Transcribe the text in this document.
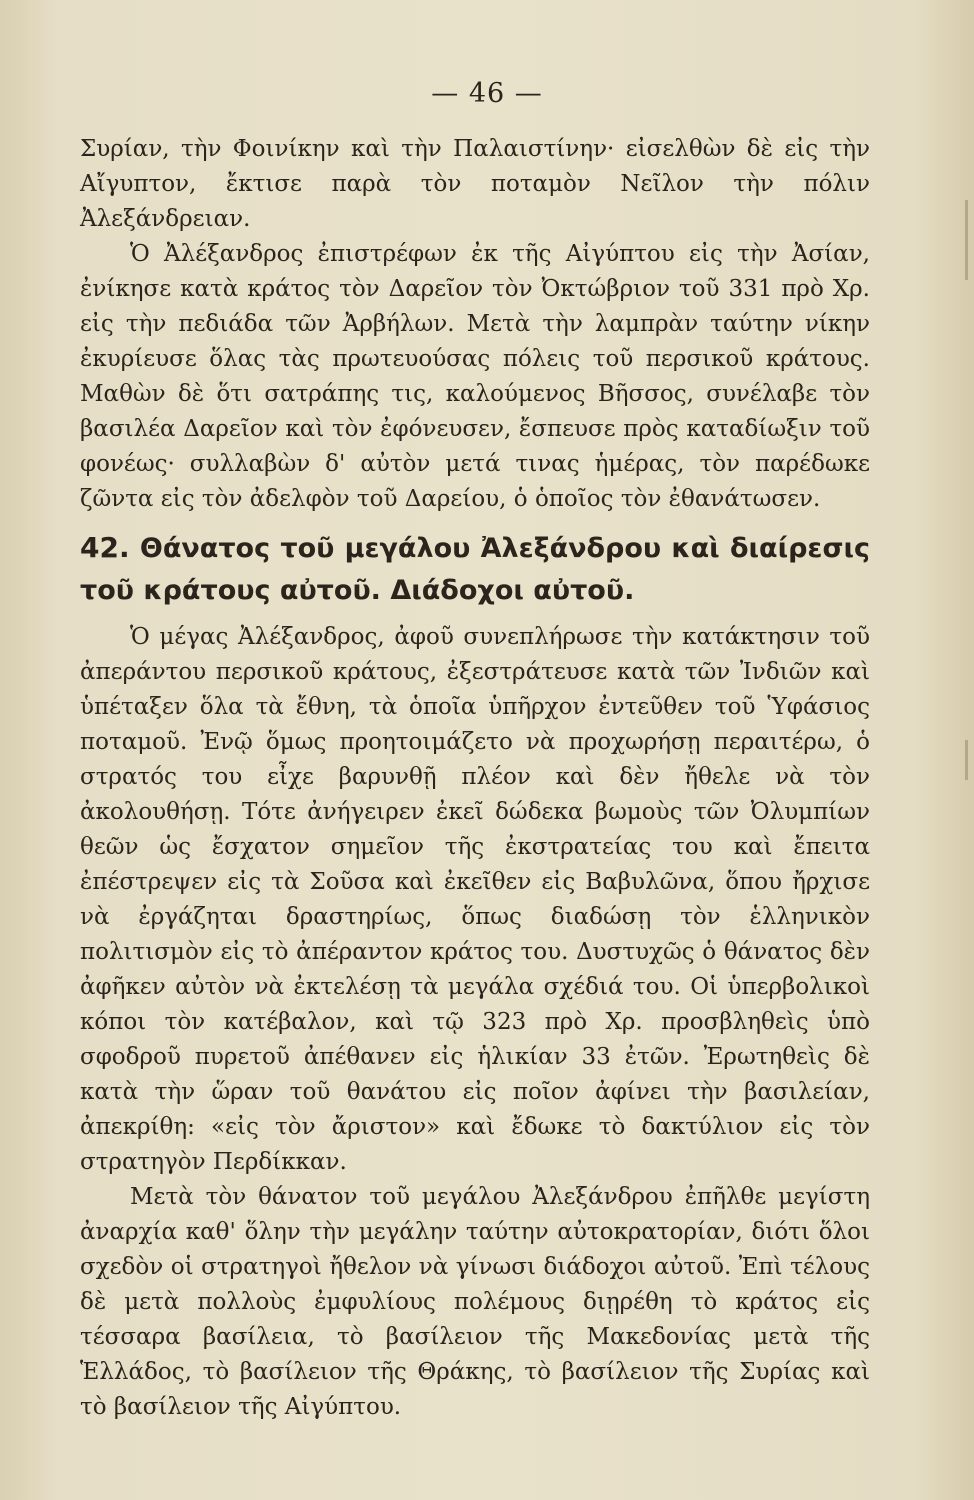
— 46 —

Συρίαν, τὴν Φοινίκην καὶ τὴν Παλαιστίνην· εἰσελθὼν δὲ εἰς τὴν Αἴγυπτον, ἔκτισε παρὰ τὸν ποταμὸν Νεῖλον τὴν πόλιν Ἀλεξάνδρειαν.

Ὁ Ἀλέξανδρος ἐπιστρέφων ἐκ τῆς Αἰγύπτου εἰς τὴν Ἀσίαν, ἐνίκησε κατὰ κράτος τὸν Δαρεῖον τὸν Ὀκτώβριον τοῦ 331 πρὸ Χρ. εἰς τὴν πεδιάδα τῶν Ἀρβήλων. Μετὰ τὴν λαμπρὰν ταύτην νίκην ἐκυρίευσε ὅλας τὰς πρωτευούσας πόλεις τοῦ περσικοῦ κράτους. Μαθὼν δὲ ὅτι σατράπης τις, καλούμενος Βῆσσος, συνέλαβε τὸν βασιλέα Δαρεῖον καὶ τὸν ἐφόνευσεν, ἔσπευσε πρὸς καταδίωξιν τοῦ φονέως· συλλαβὼν δ' αὐτὸν μετά τινας ἡμέρας, τὸν παρέδωκε ζῶντα εἰς τὸν ἀδελφὸν τοῦ Δαρείου, ὁ ὁποῖος τὸν ἐθανάτωσεν.

42. Θάνατος τοῦ μεγάλου Ἀλεξάνδρου καὶ διαίρεσις τοῦ κράτους αὐτοῦ. Διάδοχοι αὐτοῦ.

Ὁ μέγας Ἀλέξανδρος, ἀφοῦ συνεπλήρωσε τὴν κατάκτησιν τοῦ ἀπεράντου περσικοῦ κράτους, ἐξεστράτευσε κατὰ τῶν Ἰνδιῶν καὶ ὑπέταξεν ὅλα τὰ ἔθνη, τὰ ὁποῖα ὑπῆρχον ἐντεῦθεν τοῦ Ὑφάσιος ποταμοῦ. Ἐνῷ ὅμως προητοιμάζετο νὰ προχωρήσῃ περαιτέρω, ὁ στρατός του εἶχε βαρυνθῇ πλέον καὶ δὲν ἤθελε νὰ τὸν ἀκολουθήσῃ. Τότε ἀνήγειρεν ἐκεῖ δώδεκα βωμοὺς τῶν Ὀλυμπίων θεῶν ὡς ἔσχατον σημεῖον τῆς ἐκστρατείας του καὶ ἔπειτα ἐπέστρεψεν εἰς τὰ Σοῦσα καὶ ἐκεῖθεν εἰς Βαβυλῶνα, ὅπου ἤρχισε νὰ ἐργάζηται δραστηρίως, ὅπως διαδώσῃ τὸν ἑλληνικὸν πολιτισμὸν εἰς τὸ ἀπέραντον κράτος του. Δυστυχῶς ὁ θάνατος δὲν ἀφῆκεν αὐτὸν νὰ ἐκτελέσῃ τὰ μεγάλα σχέδιά του. Οἱ ὑπερβολικοὶ κόποι τὸν κατέβαλον, καὶ τῷ 323 πρὸ Χρ. προσβληθεὶς ὑπὸ σφοδροῦ πυρετοῦ ἀπέθανεν εἰς ἡλικίαν 33 ἐτῶν. Ἐρωτηθεὶς δὲ κατὰ τὴν ὥραν τοῦ θανάτου εἰς ποῖον ἀφίνει τὴν βασιλείαν, ἀπεκρίθη: «εἰς τὸν ἄριστον» καὶ ἔδωκε τὸ δακτύλιον εἰς τὸν στρατηγὸν Περδίκκαν.

Μετὰ τὸν θάνατον τοῦ μεγάλου Ἀλεξάνδρου ἐπῆλθε μεγίστη ἀναρχία καθ' ὅλην τὴν μεγάλην ταύτην αὐτοκρατορίαν, διότι ὅλοι σχεδὸν οἱ στρατηγοὶ ἤθελον νὰ γίνωσι διάδοχοι αὐτοῦ. Ἐπὶ τέλους δὲ μετὰ πολλοὺς ἐμφυλίους πολέμους διῃρέθη τὸ κράτος εἰς τέσσαρα βασίλεια, τὸ βασίλειον τῆς Μακεδονίας μετὰ τῆς Ἑλλάδος, τὸ βασίλειον τῆς Θράκης, τὸ βασίλειον τῆς Συρίας καὶ τὸ βασίλειον τῆς Αἰγύπτου.
